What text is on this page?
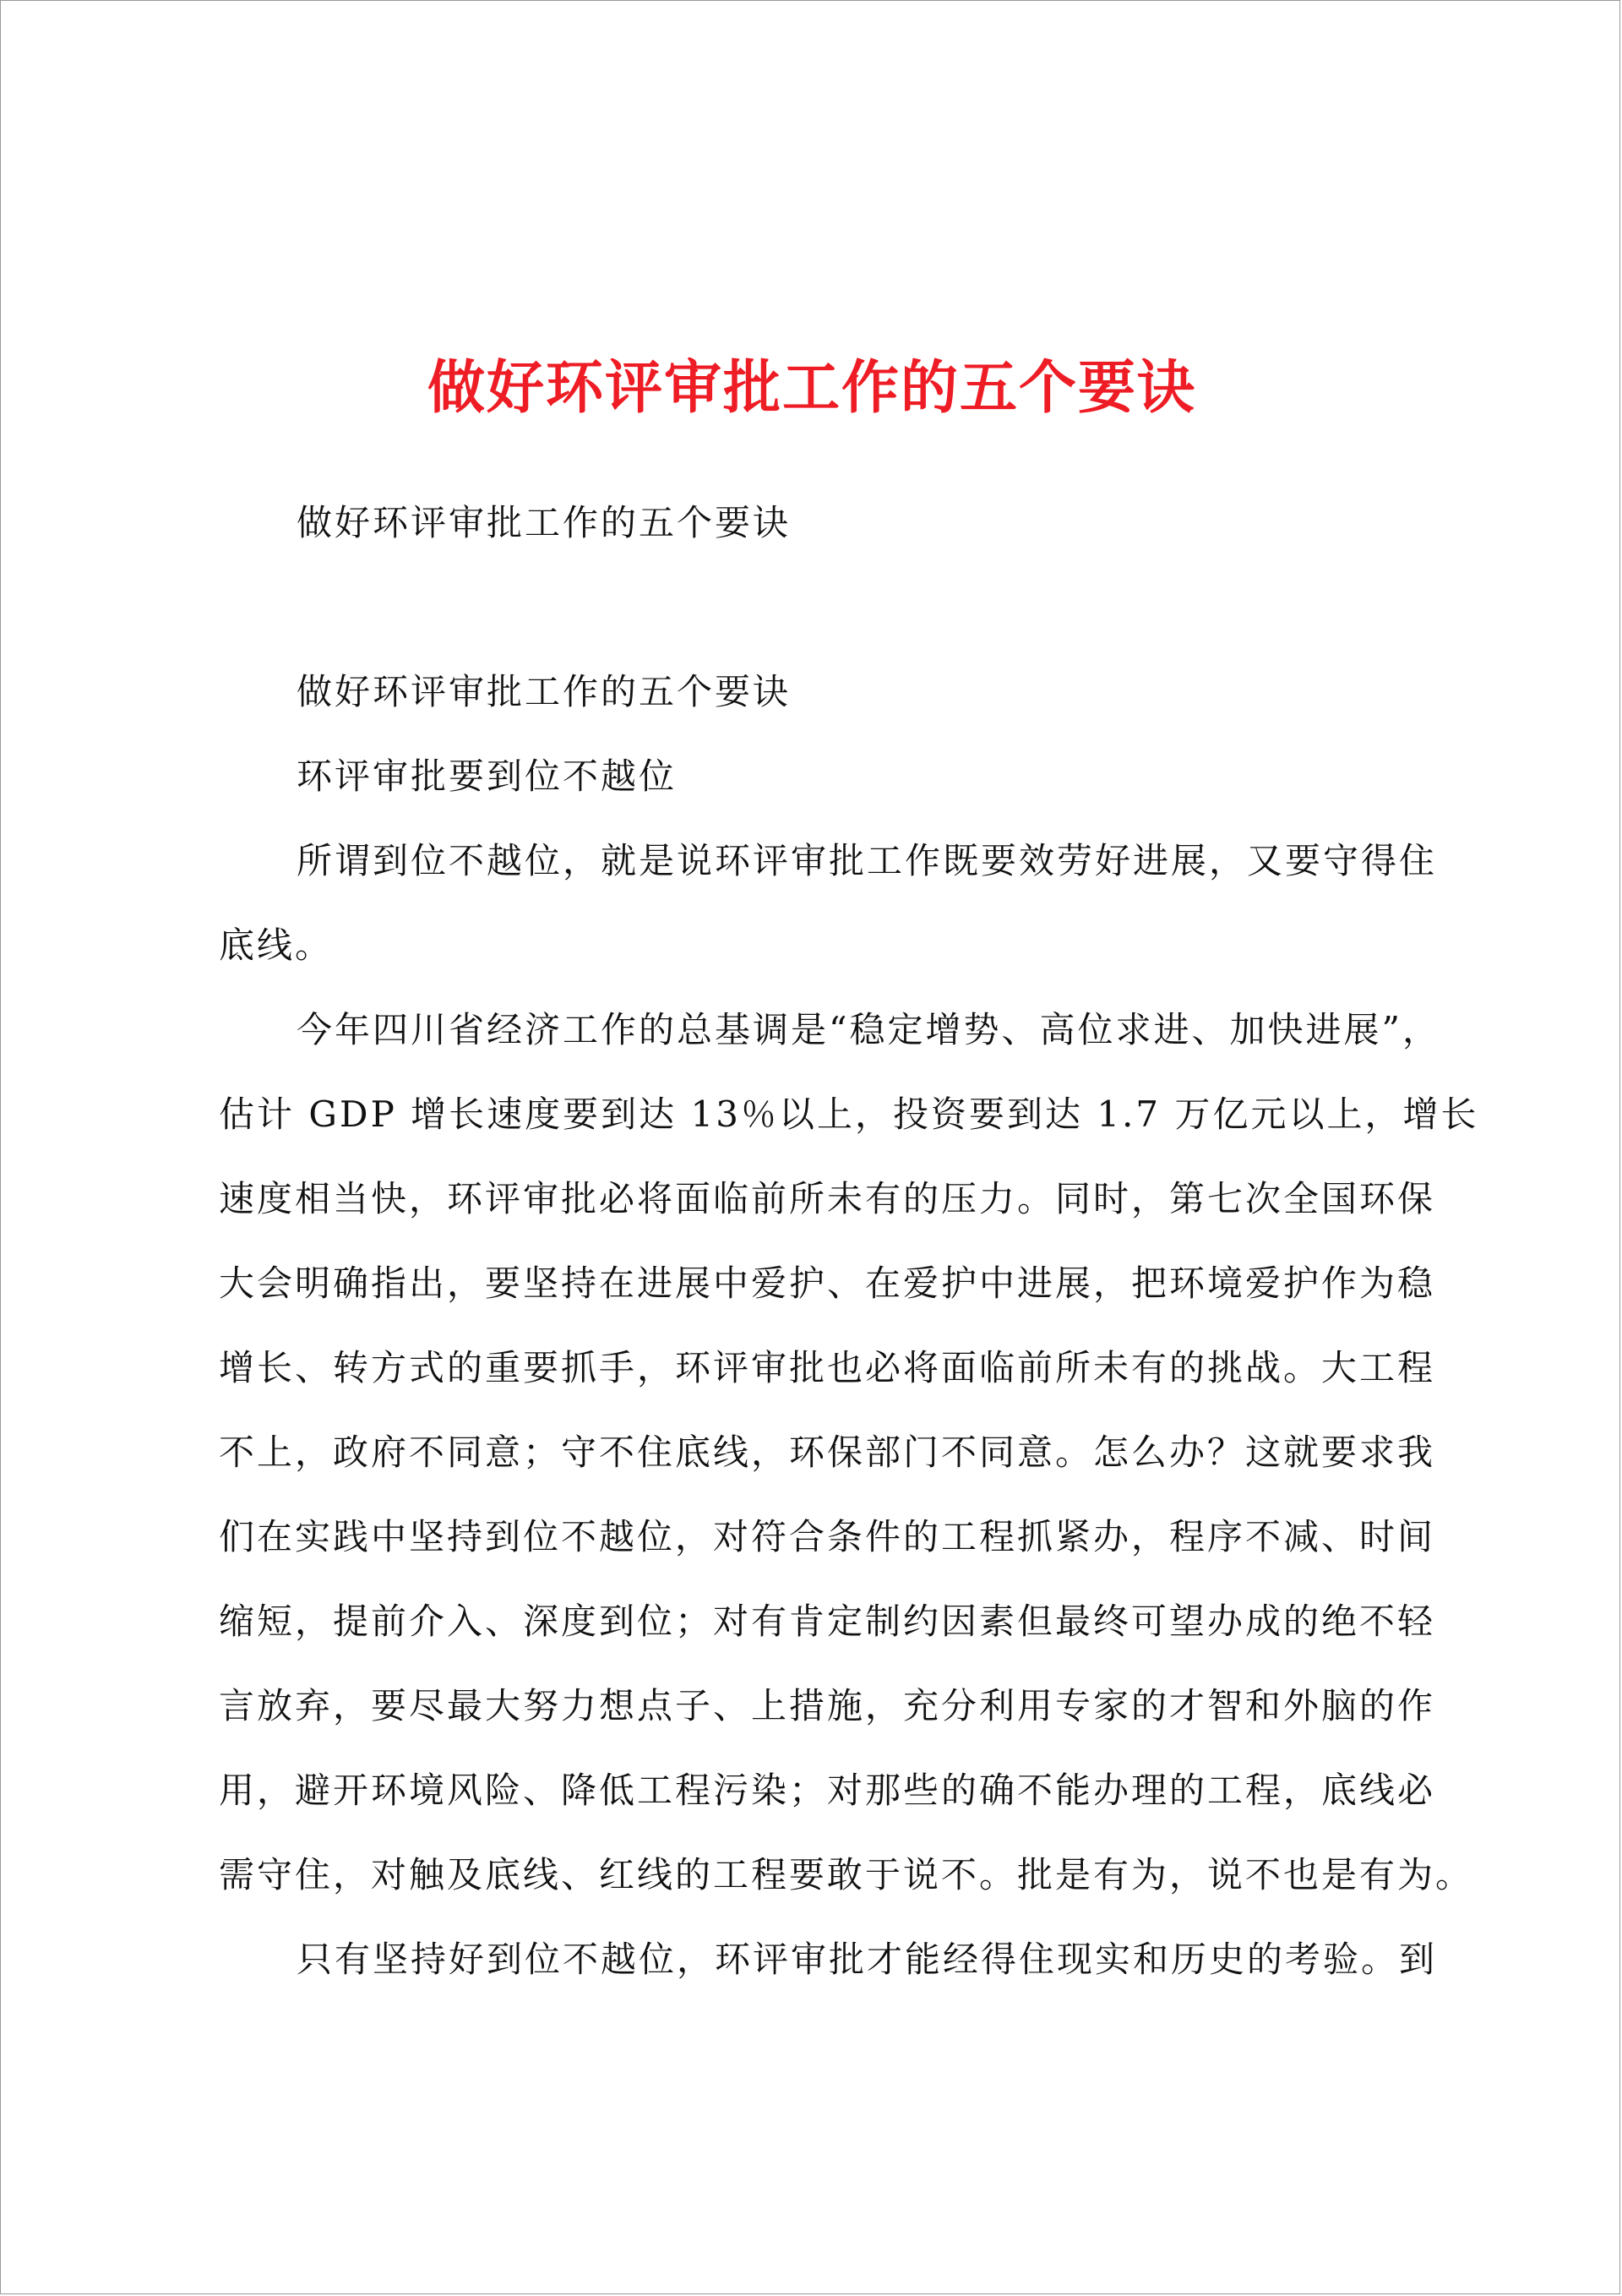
做好环评审批工作的五个要诀
做好环评审批工作的五个要诀
做好环评审批工作的五个要诀
环评审批要到位不越位
所谓到位不越位，就是说环评审批工作既要效劳好进展，又要守得住
底线。
今年四川省经济工作的总基调是“稳定增势、高位求进、加快进展”，
估计 GDP 增长速度要到达 13％以上，投资要到达 1.7 万亿元以上，增长
速度相当快，环评审批必将面临前所未有的压力。同时，第七次全国环保
大会明确指出，要坚持在进展中爱护、在爱护中进展，把环境爱护作为稳
增长、转方式的重要抓手，环评审批也必将面临前所未有的挑战。大工程
不上，政府不同意；守不住底线，环保部门不同意。怎么办？这就要求我
们在实践中坚持到位不越位，对符合条件的工程抓紧办，程序不减、时间
缩短，提前介入、深度到位；对有肯定制约因素但最终可望办成的绝不轻
言放弃，要尽最大努力想点子、上措施，充分利用专家的才智和外脑的作
用，避开环境风险、降低工程污染；对那些的确不能办理的工程，底线必
需守住，对触及底线、红线的工程要敢于说不。批是有为，说不也是有为。
只有坚持好到位不越位，环评审批才能经得住现实和历史的考验。到
